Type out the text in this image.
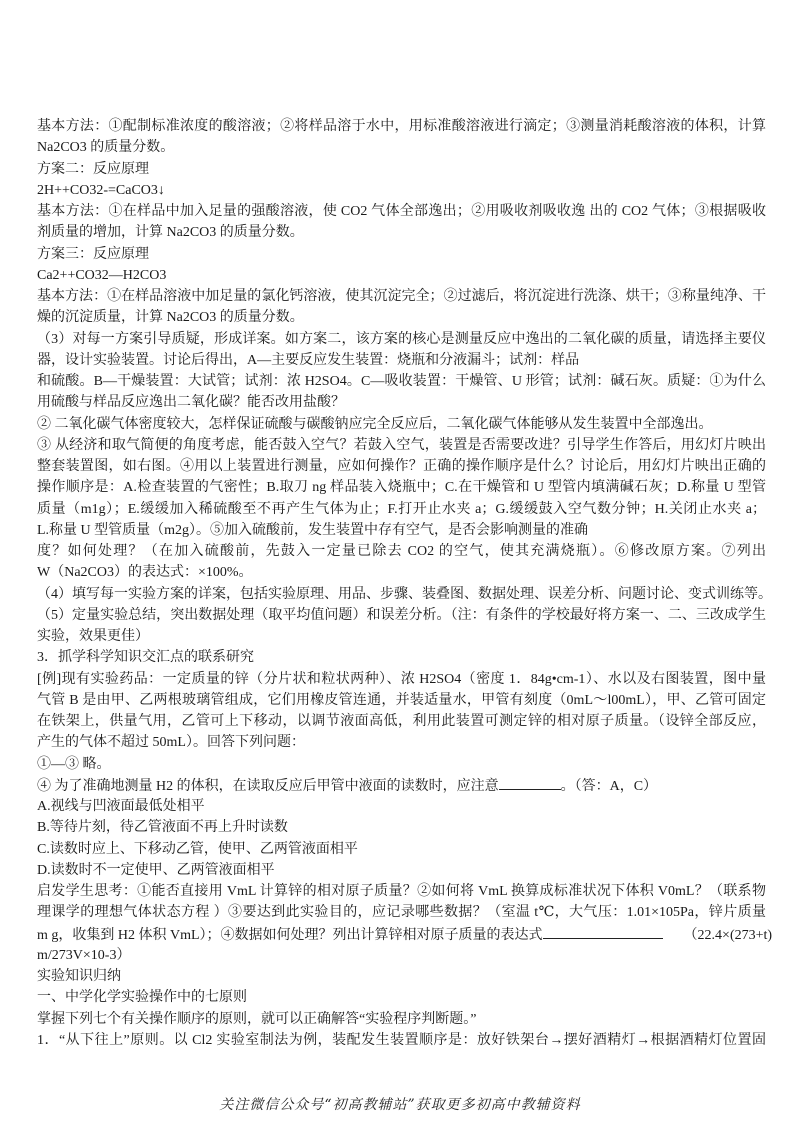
基本方法：①配制标准浓度的酸溶液；②将样品溶于水中，用标准酸溶液进行滴定；③测量消耗酸溶液的体积，计算
Na2CO3 的质量分数。
方案二：反应原理
2H++CO32-=CaCO3↓
基本方法：①在样品中加入足量的强酸溶液，使 CO2 气体全部逸出；②用吸收剂吸收逸 出的 CO2 气体；③根据吸收
剂质量的增加，计算 Na2CO3 的质量分数。
方案三：反应原理
Ca2++CO32—H2CO3
基本方法：①在样品溶液中加足量的氯化钙溶液，使其沉淀完全；②过滤后，将沉淀进行洗涤、烘干；③称量纯净、干
燥的沉淀质量，计算 Na2CO3 的质量分数。
（3）对每一方案引导质疑，形成详案。如方案二，该方案的核心是测量反应中逸出的二氧化碳的质量，请选择主要仪
器，设计实验装置。讨论后得出，A—主要反应发生装置：烧瓶和分液漏斗；试剂：样品
和硫酸。B—干燥装置：大试管；试剂：浓 H2SO4。C—吸收装置：干燥管、U 形管；试剂：碱石灰。质疑：①为什么
用硫酸与样品反应逸出二氧化碳？能否改用盐酸？
② 二氧化碳气体密度较大，怎样保证硫酸与碳酸钠应完全反应后，二氧化碳气体能够从发生装置中全部逸出。
③ 从经济和取气简便的角度考虑，能否鼓入空气？若鼓入空气，装置是否需要改进？引导学生作答后，用幻灯片映出
整套装置图，如右图。④用以上装置进行测量，应如何操作？正确的操作顺序是什么？讨论后，用幻灯片映出正确的
操作顺序是：A.检查装置的气密性；B.取刀 ng 样品装入烧瓶中；C.在干燥管和 U 型管内填满碱石灰；D.称量 U 型管
质量（m1g）；E.缓缓加入稀硫酸至不再产生气体为止；F.打开止水夹 a；G.缓缓鼓入空气数分钟；H.关闭止水夹 a；
L.称量 U 型管质量（m2g）。⑤加入硫酸前，发生装置中存有空气，是否会影响测量的准确
度？如何处理？（在加入硫酸前，先鼓入一定量已除去 CO2 的空气，使其充满烧瓶）。⑥修改原方案。⑦列出
W（Na2CO3）的表达式：×100%。
（4）填写每一实验方案的详案，包括实验原理、用品、步骤、装叠图、数据处理、误差分析、问题讨论、变式训练等。
（5）定量实验总结，突出数据处理（取平均值问题）和误差分析。（注：有条件的学校最好将方案一、二、三改成学生
实验，效果更佳）
3．抓学科学知识交汇点的联系研究
[例]现有实验药品：一定质量的锌（分片状和粒状两种）、浓 H2SO4（密度 1．84g•cm-1）、水以及右图装置，图中量
气管 B 是由甲、乙两根玻璃管组成，它们用橡皮管连通，并装适量水，甲管有刻度（0mL～l00mL），甲、乙管可固定
在铁架上，供量气用，乙管可上下移动，以调节液面高低，利用此装置可测定锌的相对原子质量。（设锌全部反应，
产生的气体不超过 50mL）。回答下列问题：
①—③ 略。
④ 为了准确地测量 H2 的体积，在读取反应后甲管中液面的读数时，应注意	。（答：A，C）
A.视线与凹液面最低处相平
B.等待片刻，待乙管液面不再上升时读数
C.读数时应上、下移动乙管，使甲、乙两管液面相平
D.读数时不一定使甲、乙两管液面相平
启发学生思考：①能否直接用 VmL 计算锌的相对原子质量？②如何将 VmL 换算成标准状况下体积 V0mL？（联系物
理课学的理想气体状态方程 ）③要达到此实验目的，应记录哪些数据？（室温 t℃，大气压：1.01×105Pa，锌片质量
m g，收集到 H2 体积 VmL）；④数据如何处理？列出计算锌相对原子质量的表达式	　　（22.4×(273+t)
m/273V×10-3）
实验知识归纳
一、中学化学实验操作中的七原则
掌握下列七个有关操作顺序的原则，就可以正确解答“实验程序判断题。”
1．“从下往上”原则。以 Cl2 实验室制法为例，装配发生装置顺序是：放好铁架台→摆好酒精灯→根据酒精灯位置固
关注微信公众号“初高教辅站”获取更多初高中教辅资料
